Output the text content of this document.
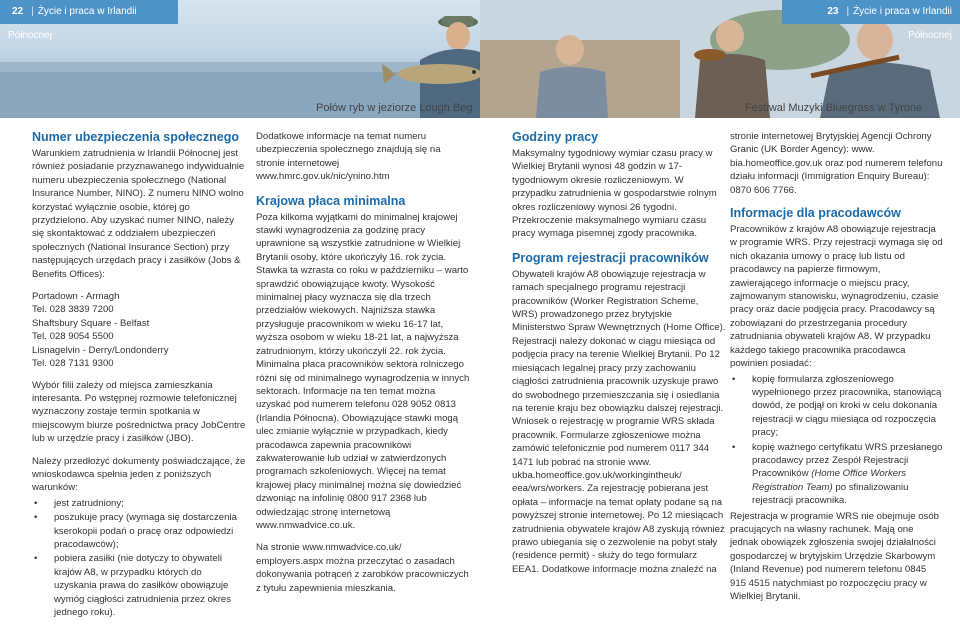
22 | Życie i praca w Irlandii Północnej
23 | Życie i praca w Irlandii Północnej
Połów ryb w jeziorze Lough Beg	Festiwal Muzyki Bluegrass w Tyrone
Numer ubezpieczenia społecznego

Warunkiem zatrudnienia w Irlandii Północnej jest również posiadanie przyznawanego indywidualnie numeru ubezpieczenia społecznego (National Insurance Number, NINO). Z numeru NINO wolno korzystać wyłącznie osobie, której go przydzielono. Aby uzyskać numer NINO, należy się skontaktować z oddziałem ubezpieczeń społecznych (National Insurance Section) przy następujących urzędach pracy i zasiłków (Jobs & Benefits Offices):

Portadown - Armagh

Tel. 028 3839 7200

Shaftsbury Square - Belfast

Tel. 028 9054 5500

Lisnagelvin - Derry/Londonderry

Tel. 028 7131 9300

Wybór filii zależy od miejsca zamieszkania interesanta. Po wstępnej rozmowie telefonicznej wyznaczony zostaje termin spotkania w miejscowym biurze pośrednictwa pracy JobCentre lub w urzędzie pracy i zasiłków (JBO).

Należy przedłożyć dokumenty poświadczające, że wnioskodawca spełnia jeden z poniższych warunków:

• jest zatrudniony;
• poszukuje pracy (wymaga się dostarczenia kserokopii podań o pracę oraz odpowiedzi pracodawców);
• pobiera zasiłki (nie dotyczy to obywateli krajów A8, w przypadku których do uzyskania prawa do zasiłków obowiązuje wymóg ciągłości zatrudnienia przez okres jednego roku).

Dodatkowe informacje na temat numeru ubezpieczenia społecznego znajdują się na stronie internetowej www.hmrc.gov.uk/nic/ynino.htm

Krajowa płaca minimalna

Poza kilkoma wyjątkami do minimalnej krajowej stawki wynagrodzenia za godzinę pracy uprawnione są wszystkie zatrudnione w Wielkiej Brytanii osoby, które ukończyły 16. rok życia. Stawka ta wzrasta co roku w październiku – warto sprawdzić obowiązujące kwoty. Wysokość minimalnej płacy wyznacza się dla trzech przedziałów wiekowych. Najniższa stawka przysługuje pracownikom w wieku 16-17 lat, wyższa osobom w wieku 18-21 lat, a najwyższa zatrudnionym, którzy ukończyli 22. rok życia. Minimalna płaca pracowników sektora rolniczego różni się od minimalnego wynagrodzenia w innych sektorach. Informacje na ten temat można uzyskać pod numerem telefonu 028 9052 0813 (Irlandia Północna). Obowiązujące stawki mogą ulec zmianie wyłącznie w przypadkach, kiedy pracodawca zapewnia pracownikowi zakwaterowanie lub udział w zatwierdzonych programach szkoleniowych. Więcej na temat krajowej płacy minimalnej można się dowiedzieć dzwoniąc na infolinię 0800 917 2368 lub odwiedzając stronę internetową www.nmwadvice.co.uk.

Na stronie www.nmwadvice.co.uk/ employers.aspx można przeczytać o zasadach dokonywania potrąceń z zarobków pracowniczych z tytułu zapewnienia mieszkania.

Godziny pracy

Maksymalny tygodniowy wymiar czasu pracy w Wielkiej Brytanii wynosi 48 godzin w 17-tygodniowym okresie rozliczeniowym. W przypadku zatrudnienia w gospodarstwie rolnym okres rozliczeniowy wynosi 26 tygodni. Przekroczenie maksymalnego wymiaru czasu pracy wymaga pisemnej zgody pracownika.

Program rejestracji pracowników

Obywateli krajów A8 obowiązuje rejestracja w ramach specjalnego programu rejestracji pracowników (Worker Registration Scheme, WRS) prowadzonego przez brytyjskie Ministerstwo Spraw Wewnętrznych (Home Office). Rejestracji należy dokonać w ciągu miesiąca od podjęcia pracy na terenie Wielkiej Brytanii. Po 12 miesiącach legalnej pracy przy zachowaniu ciągłości zatrudnienia pracownik uzyskuje prawo do swobodnego przemieszczania się i osiedlania na terenie kraju bez obowiązku dalszej rejestracji. Wniosek o rejestrację w programie WRS składa pracownik. Formularze zgłoszeniowe można zamówić telefonicznie pod numerem 0117 344 1471 lub pobrać na stronie www. ukba.homeoffice.gov.uk/workingintheuk/ eea/wrs/workers. Za rejestrację pobierana jest opłata – informacje na temat opłaty podane są na powyższej stronie internetowej. Po 12 miesiącach zatrudnienia obywatele krajów A8 zyskują również prawo ubiegania się o zezwolenie na pobyt stały (residence permit) - służy do tego formularz EEA1. Dodatkowe informacje można znaleźć na

stronie internetowej Brytyjskiej Agencji Ochrony Granic (UK Border Agency): www. bia.homeoffice.gov.uk oraz pod numerem telefonu działu informacji (Immigration Enquiry Bureau): 0870 606 7766.

Informacje dla pracodawców

Pracowników z krajów A8 obowiązuje rejestracja w programie WRS. Przy rejestracji wymaga się od nich okazania umowy o pracę lub listu od pracodawcy na papierze firmowym, zawierającego informacje o miejscu pracy, zajmowanym stanowisku, wynagrodzeniu, czasie pracy oraz dacie podjęcia pracy. Pracodawcy są zobowiązani do przestrzegania procedury zatrudniania obywateli krajów A8. W przypadku każdego takiego pracownika pracodawca powinien posiadać:

• kopię formularza zgłoszeniowego wypełnionego przez pracownika, stanowiącą dowód, że podjął on kroki w celu dokonania rejestracji w ciągu miesiąca od rozpoczęcia pracy;
• kopię ważnego certyfikatu WRS przesłanego pracodawcy przez Zespół Rejestracji Pracowników (Home Office Workers Registration Team) po sfinalizowaniu rejestracji pracownika.

Rejestracja w programie WRS nie obejmuje osób pracujących na własny rachunek. Mają one jednak obowiązek zgłoszenia swojej działalności gospodarczej w brytyjskim Urzędzie Skarbowym (Inland Revenue) pod numerem telefonu 0845 915 4515 natychmiast po rozpoczęciu pracy w Wielkiej Brytanii.
